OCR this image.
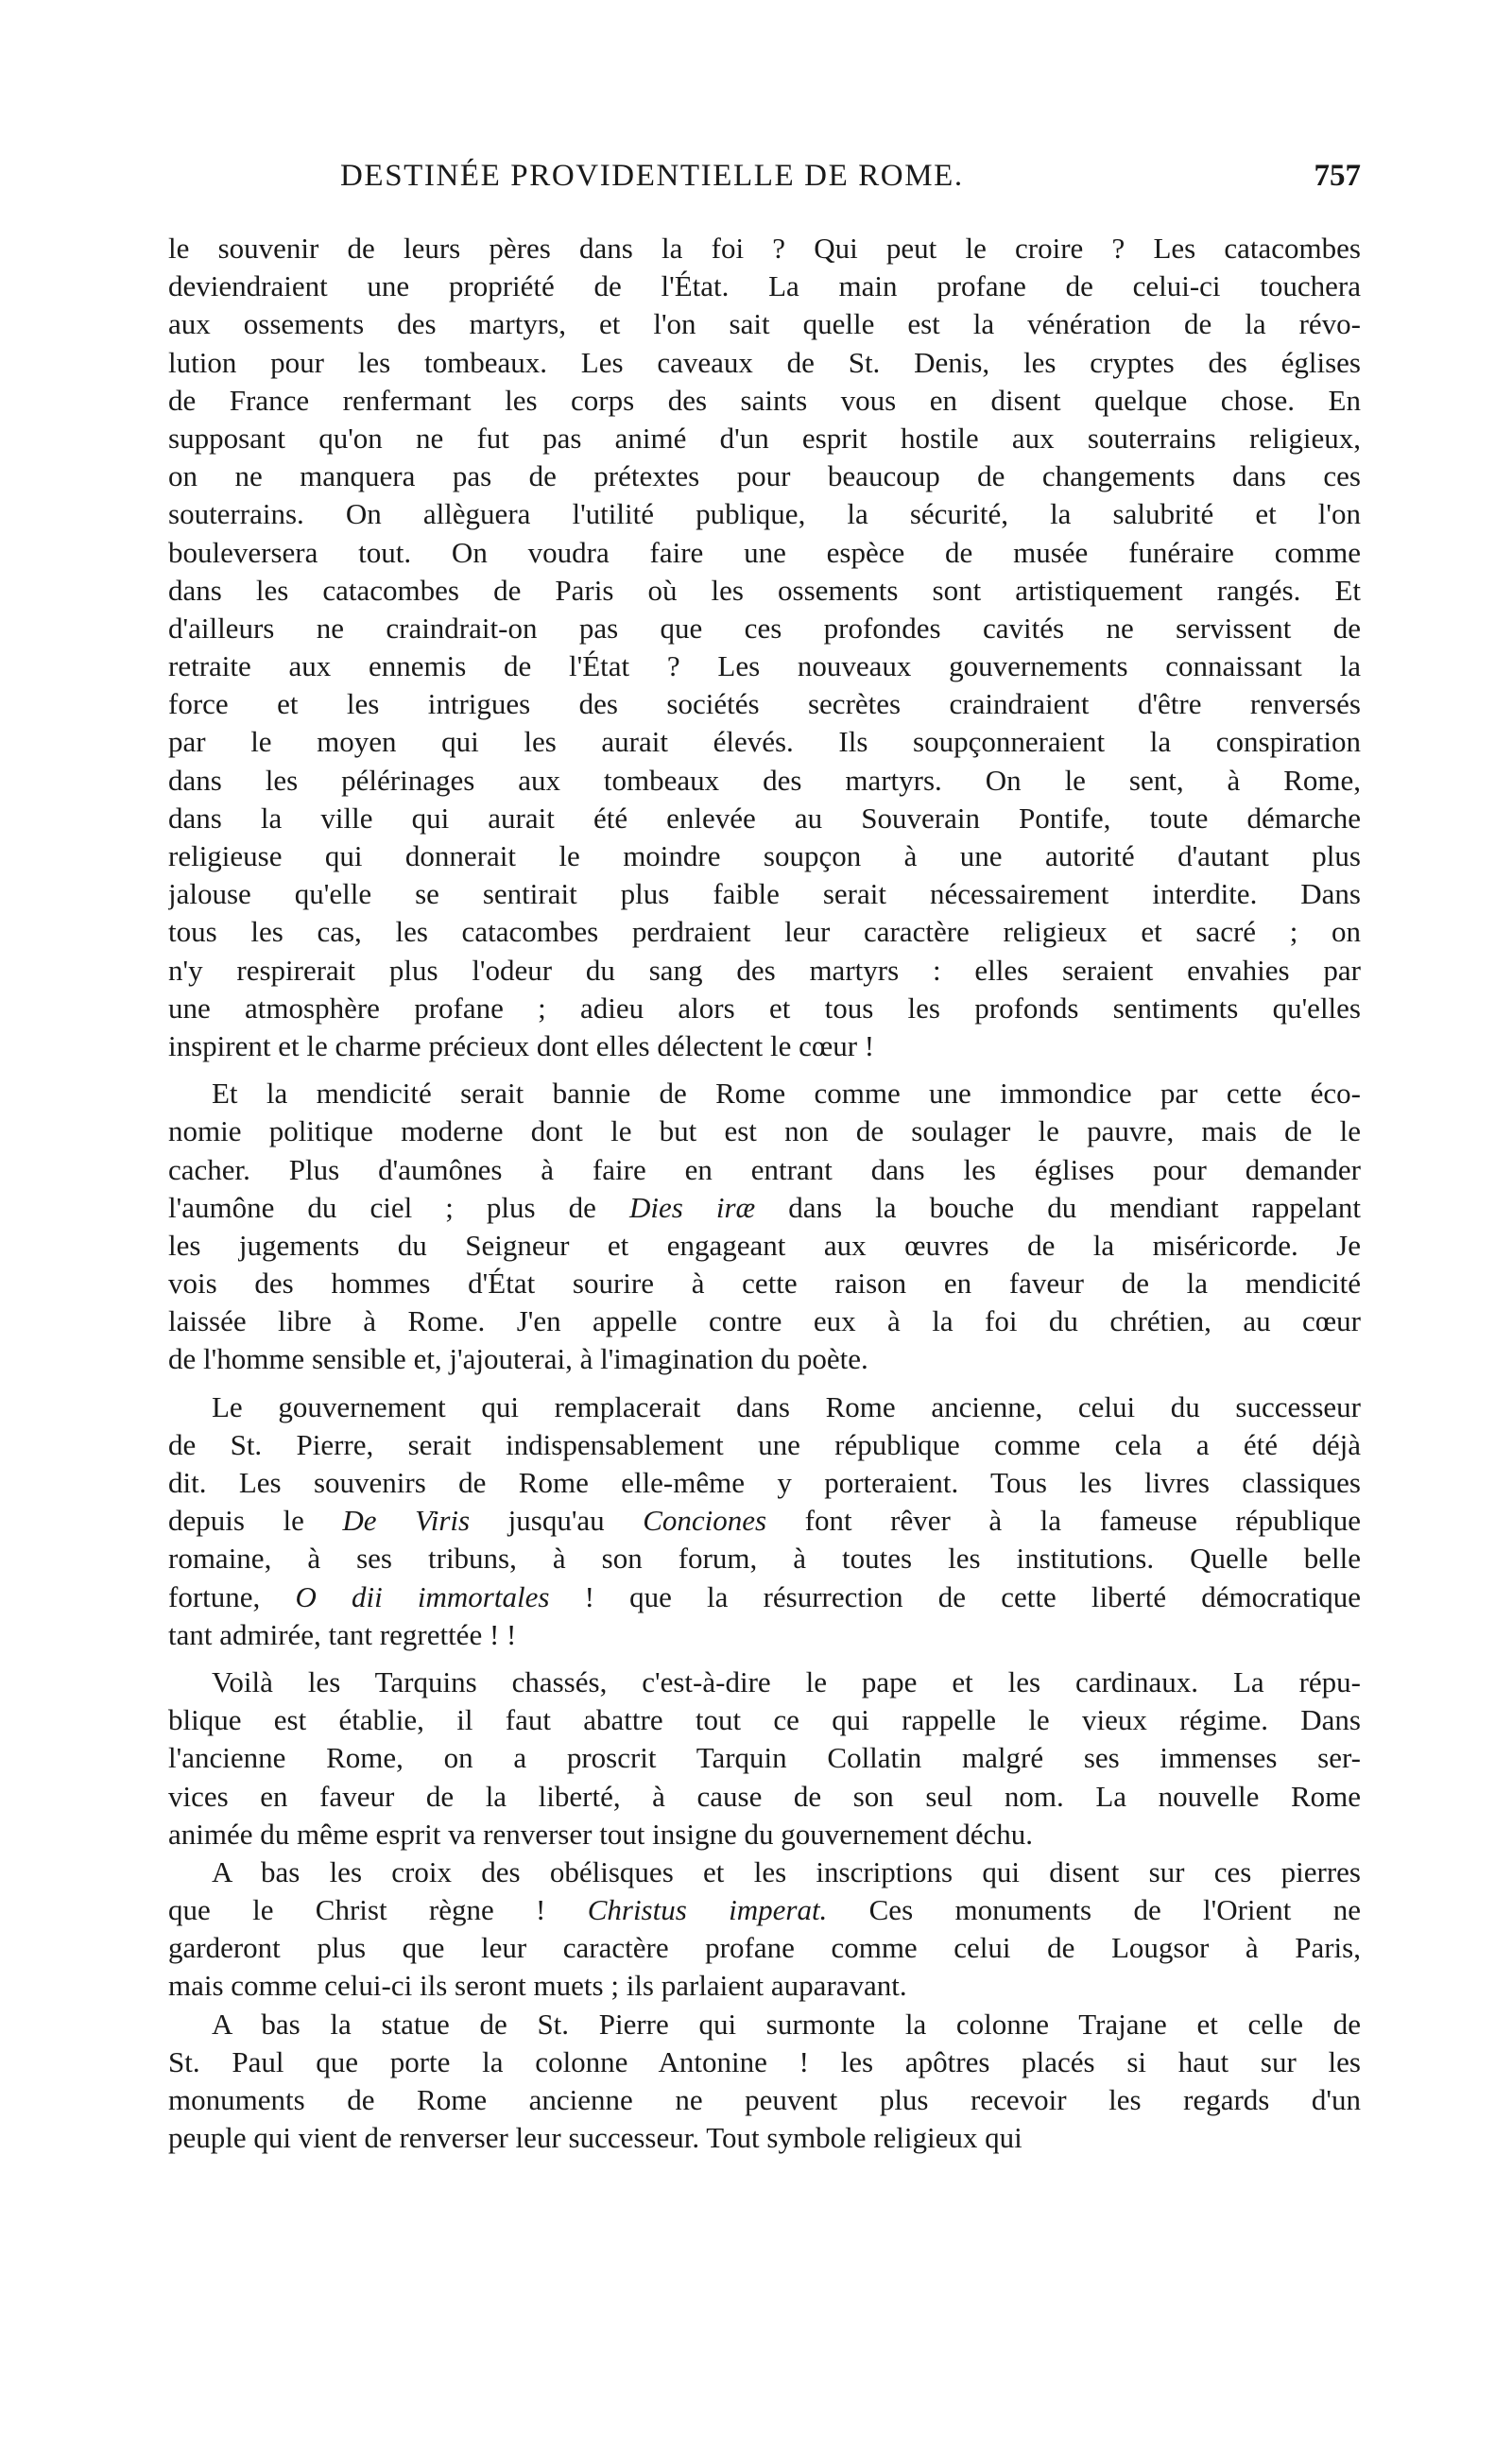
DESTINÉE PROVIDENTIELLE DE ROME.	757
le souvenir de leurs pères dans la foi ? Qui peut le croire ? Les catacombes
deviendraient une propriété de l'État. La main profane de celui-ci touchera
aux ossements des martyrs, et l'on sait quelle est la vénération de la révo-
lution pour les tombeaux. Les caveaux de St. Denis, les cryptes des églises
de France renfermant les corps des saints vous en disent quelque chose. En
supposant qu'on ne fut pas animé d'un esprit hostile aux souterrains religieux,
on ne manquera pas de prétextes pour beaucoup de changements dans ces
souterrains. On allèguera l'utilité publique, la sécurité, la salubrité et l'on
bouleversera tout. On voudra faire une espèce de musée funéraire comme
dans les catacombes de Paris où les ossements sont artistiquement rangés. Et
d'ailleurs ne craindrait-on pas que ces profondes cavités ne servissent de
retraite aux ennemis de l'État ? Les nouveaux gouvernements connaissant la
force et les intrigues des sociétés secrètes craindraient d'être renversés
par le moyen qui les aurait élevés. Ils soupçonneraient la conspiration
dans les pélérinages aux tombeaux des martyrs. On le sent, à Rome,
dans la ville qui aurait été enlevée au Souverain Pontife, toute démarche
religieuse qui donnerait le moindre soupçon à une autorité d'autant plus
jalouse qu'elle se sentirait plus faible serait nécessairement interdite. Dans
tous les cas, les catacombes perdraient leur caractère religieux et sacré ; on
n'y respirerait plus l'odeur du sang des martyrs : elles seraient envahies par
une atmosphère profane ; adieu alors et tous les profonds sentiments qu'elles
inspirent et le charme précieux dont elles délectent le cœur !
Et la mendicité serait bannie de Rome comme une immondice par cette éco-
nomie politique moderne dont le but est non de soulager le pauvre, mais de le
cacher. Plus d'aumônes à faire en entrant dans les églises pour demander
l'aumône du ciel ; plus de Dies iræ dans la bouche du mendiant rappelant
les jugements du Seigneur et engageant aux œuvres de la miséricorde. Je
vois des hommes d'État sourire à cette raison en faveur de la mendicité
laissée libre à Rome. J'en appelle contre eux à la foi du chrétien, au cœur
de l'homme sensible et, j'ajouterai, à l'imagination du poète.
Le gouvernement qui remplacerait dans Rome ancienne, celui du successeur
de St. Pierre, serait indispensablement une république comme cela a été déjà
dit. Les souvenirs de Rome elle-même y porteraient. Tous les livres classiques
depuis le De Viris jusqu'au Conciones font rêver à la fameuse république
romaine, à ses tribuns, à son forum, à toutes les institutions. Quelle belle
fortune, O dii immortales ! que la résurrection de cette liberté démocratique
tant admirée, tant regrettée ! !
Voilà les Tarquins chassés, c'est-à-dire le pape et les cardinaux. La répu-
blique est établie, il faut abattre tout ce qui rappelle le vieux régime. Dans
l'ancienne Rome, on a proscrit Tarquin Collatin malgré ses immenses ser-
vices en faveur de la liberté, à cause de son seul nom. La nouvelle Rome
animée du même esprit va renverser tout insigne du gouvernement déchu.
A bas les croix des obélisques et les inscriptions qui disent sur ces pierres
que le Christ règne ! Christus imperat. Ces monuments de l'Orient ne
garderont plus que leur caractère profane comme celui de Lougsor à Paris,
mais comme celui-ci ils seront muets ; ils parlaient auparavant.
A bas la statue de St. Pierre qui surmonte la colonne Trajane et celle de
St. Paul que porte la colonne Antonine ! les apôtres placés si haut sur les
monuments de Rome ancienne ne peuvent plus recevoir les regards d'un
peuple qui vient de renverser leur successeur. Tout symbole religieux qui
